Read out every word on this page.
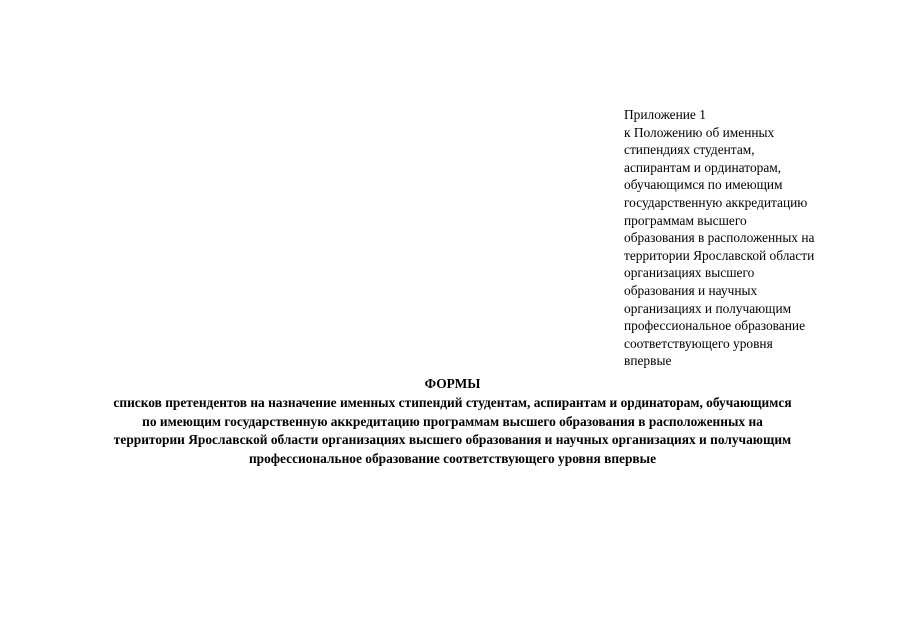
Приложение 1
к Положению об именных
стипендиях студентам,
аспирантам и ординаторам,
обучающимся по имеющим
государственную аккредитацию
программам высшего
образования в расположенных на
территории Ярославской области
организациях высшего
образования и научных
организациях и получающим
профессиональное образование
соответствующего уровня
впервые
ФОРМЫ
списков претендентов на назначение именных стипендий студентам, аспирантам и ординаторам, обучающимся
по имеющим государственную аккредитацию программам высшего образования в расположенных на
территории Ярославской области организациях высшего образования и научных организациях и получающим
профессиональное образование соответствующего уровня впервые
